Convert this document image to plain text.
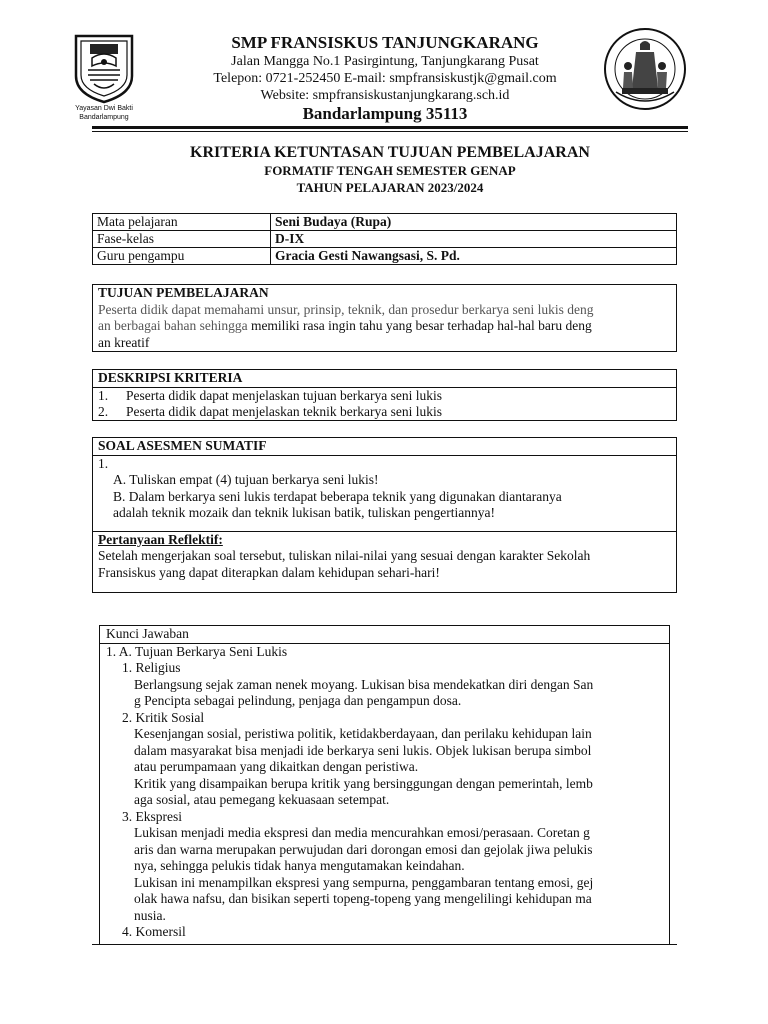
Yayasan Dwi Bakti
Bandarlampung
SMP FRANSISKUS TANJUNGKARANG
Jalan Mangga No.1 Pasirgintung, Tanjungkarang Pusat
Telepon: 0721-252450 E-mail: smpfransiskustjk@gmail.com
Website: smpfransiskustanjungkarang.sch.id
Bandarlampung 35113
KRITERIA KETUNTASAN TUJUAN PEMBELAJARAN
FORMATIF TENGAH SEMESTER GENAP
TAHUN PELAJARAN 2023/2024
Mata pelajaran	Seni Budaya (Rupa)
Fase-kelas	D-IX
Guru pengampu	Gracia Gesti Nawangsasi, S. Pd.
TUJUAN PEMBELAJARAN
Peserta didik dapat memahami unsur, prinsip, teknik, dan prosedur berkarya seni lukis deng
an berbagai bahan sehingga memiliki rasa ingin tahu yang besar terhadap hal-hal baru deng
an kreatif
DESKRIPSI KRITERIA
1.	Peserta didik dapat menjelaskan tujuan berkarya seni lukis
2.	Peserta didik dapat menjelaskan teknik berkarya seni lukis
SOAL ASESMEN SUMATIF
1.
A. Tuliskan empat (4) tujuan berkarya seni lukis!
B. Dalam berkarya seni lukis terdapat beberapa teknik yang digunakan diantaranya
adalah teknik mozaik dan teknik lukisan batik, tuliskan pengertiannya!
Pertanyaan Reflektif:
Setelah mengerjakan soal tersebut, tuliskan nilai-nilai yang sesuai dengan karakter Sekolah
Fransiskus yang dapat diterapkan dalam kehidupan sehari-hari!
Kunci Jawaban
1. A. Tujuan Berkarya Seni Lukis
1. Religius
Berlangsung sejak zaman nenek moyang. Lukisan bisa mendekatkan diri dengan San
g Pencipta sebagai pelindung, penjaga dan pengampun dosa.
2. Kritik Sosial
Kesenjangan sosial, peristiwa politik, ketidakberdayaan, dan perilaku kehidupan lain
dalam masyarakat bisa menjadi ide berkarya seni lukis. Objek lukisan berupa simbol
atau perumpamaan yang dikaitkan dengan peristiwa.
Kritik yang disampaikan berupa kritik yang bersinggungan dengan pemerintah, lemb
aga sosial, atau pemegang kekuasaan setempat.
3. Ekspresi
Lukisan menjadi media ekspresi dan media mencurahkan emosi/perasaan. Coretan g
aris dan warna merupakan perwujudan dari dorongan emosi dan gejolak jiwa pelukis
nya, sehingga pelukis tidak hanya mengutamakan keindahan.
Lukisan ini menampilkan ekspresi yang sempurna, penggambaran tentang emosi, gej
olak hawa nafsu, dan bisikan seperti topeng-topeng yang mengelilingi kehidupan ma
nusia.
4. Komersil
